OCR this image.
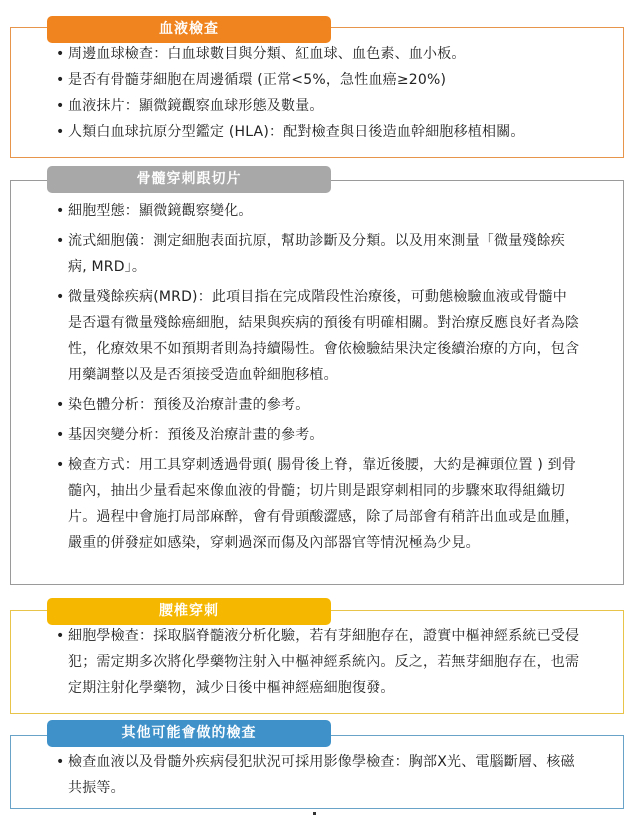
血液檢查
• 周邊血球檢查：白血球數目與分類、紅血球、血色素、血小板。
• 是否有骨髓芽細胞在周邊循環 (正常<5%，急性血癌≥20%)
• 血液抹片：顯微鏡觀察血球形態及數量。
• 人類白血球抗原分型鑑定 (HLA)：配對檢查與日後造血幹細胞移植相關。
骨髓穿刺跟切片
• 細胞型態：顯微鏡觀察變化。
• 流式細胞儀：測定細胞表面抗原，幫助診斷及分類。以及用來測量「微量殘餘疾病, MRD」。
• 微量殘餘疾病(MRD)：此項目指在完成階段性治療後，可動態檢驗血液或骨髓中是否還有微量殘餘癌細胞，結果與疾病的預後有明確相關。對治療反應良好者為陰性，化療效果不如預期者則為持續陽性。會依檢驗結果決定後續治療的方向，包含用藥調整以及是否須接受造血幹細胞移植。
• 染色體分析：預後及治療計畫的參考。
• 基因突變分析：預後及治療計畫的參考。
• 檢查方式：用工具穿刺透過骨頭( 腸骨後上脊，靠近後腰，大約是褲頭位置 ) 到骨髓內，抽出少量看起來像血液的骨髓；切片則是跟穿刺相同的步驟來取得組織切片。過程中會施打局部麻醉，會有骨頭酸澀感，除了局部會有稍許出血或是血腫，嚴重的併發症如感染，穿刺過深而傷及內部器官等情況極為少見。
腰椎穿刺
• 細胞學檢查：採取脳脊髓液分析化驗，若有芽細胞存在，證實中樞神經系統已受侵犯；需定期多次將化學藥物注射入中樞神經系統內。反之，若無芽細胞存在，也需定期注射化學藥物，減少日後中樞神經癌細胞復發。
其他可能會做的檢查
• 檢查血液以及骨髓外疾病侵犯狀況可採用影像學檢查：胸部X光、電腦斷層、核磁共振等。
